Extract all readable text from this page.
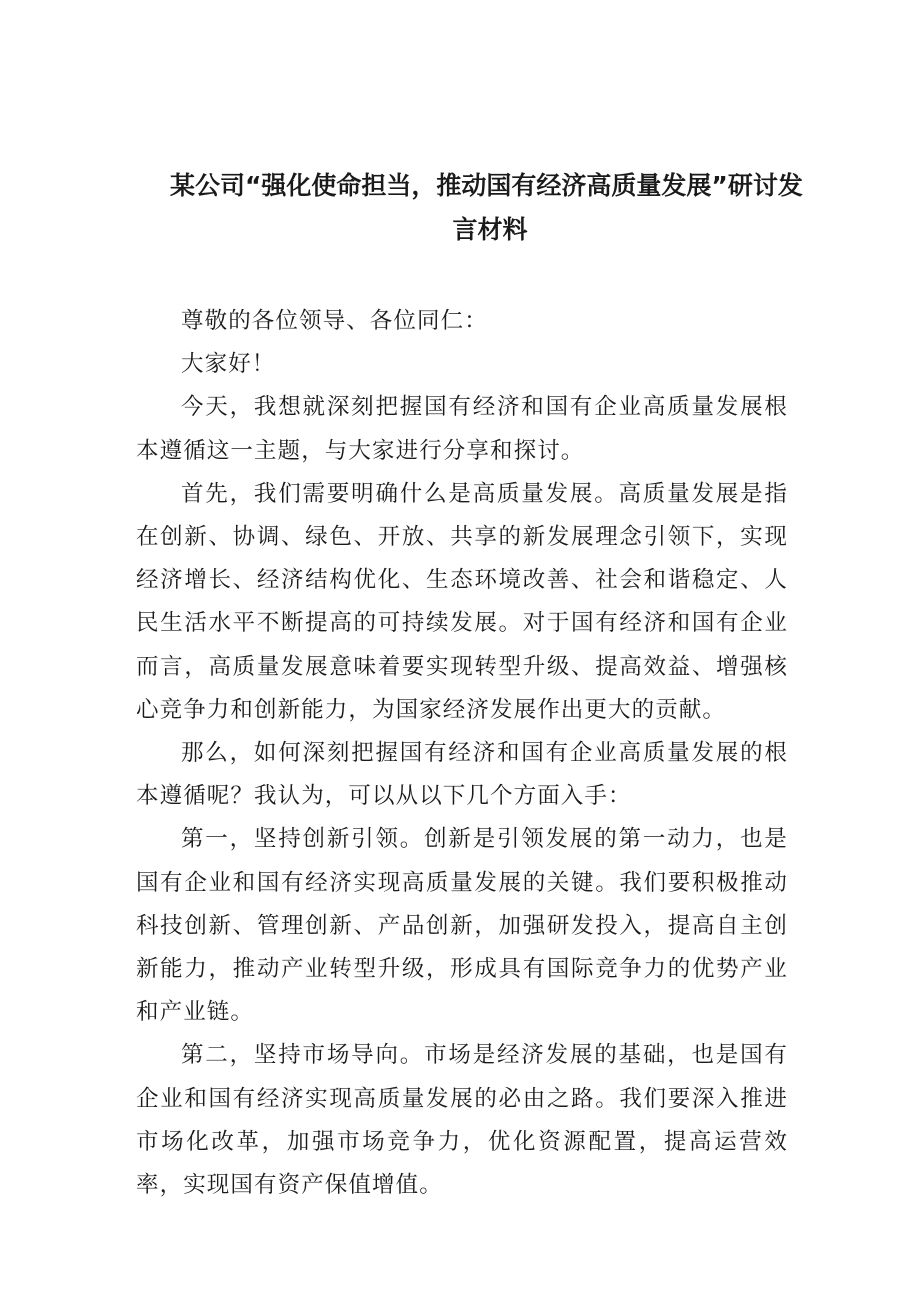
某公司“强化使命担当，推动国有经济高质量发展”研讨发
言材料

尊敬的各位领导、各位同仁：

大家好！

今天，我想就深刻把握国有经济和国有企业高质量发展根本遵循这一主题，与大家进行分享和探讨。

首先，我们需要明确什么是高质量发展。高质量发展是指在创新、协调、绿色、开放、共享的新发展理念引领下，实现经济增长、经济结构优化、生态环境改善、社会和谐稳定、人民生活水平不断提高的可持续发展。对于国有经济和国有企业而言，高质量发展意味着要实现转型升级、提高效益、增强核心竞争力和创新能力，为国家经济发展作出更大的贡献。

那么，如何深刻把握国有经济和国有企业高质量发展的根本遵循呢？我认为，可以从以下几个方面入手：

第一，坚持创新引领。创新是引领发展的第一动力，也是国有企业和国有经济实现高质量发展的关键。我们要积极推动科技创新、管理创新、产品创新，加强研发投入，提高自主创新能力，推动产业转型升级，形成具有国际竞争力的优势产业和产业链。

第二，坚持市场导向。市场是经济发展的基础，也是国有企业和国有经济实现高质量发展的必由之路。我们要深入推进市场化改革，加强市场竞争力，优化资源配置，提高运营效率，实现国有资产保值增值。
